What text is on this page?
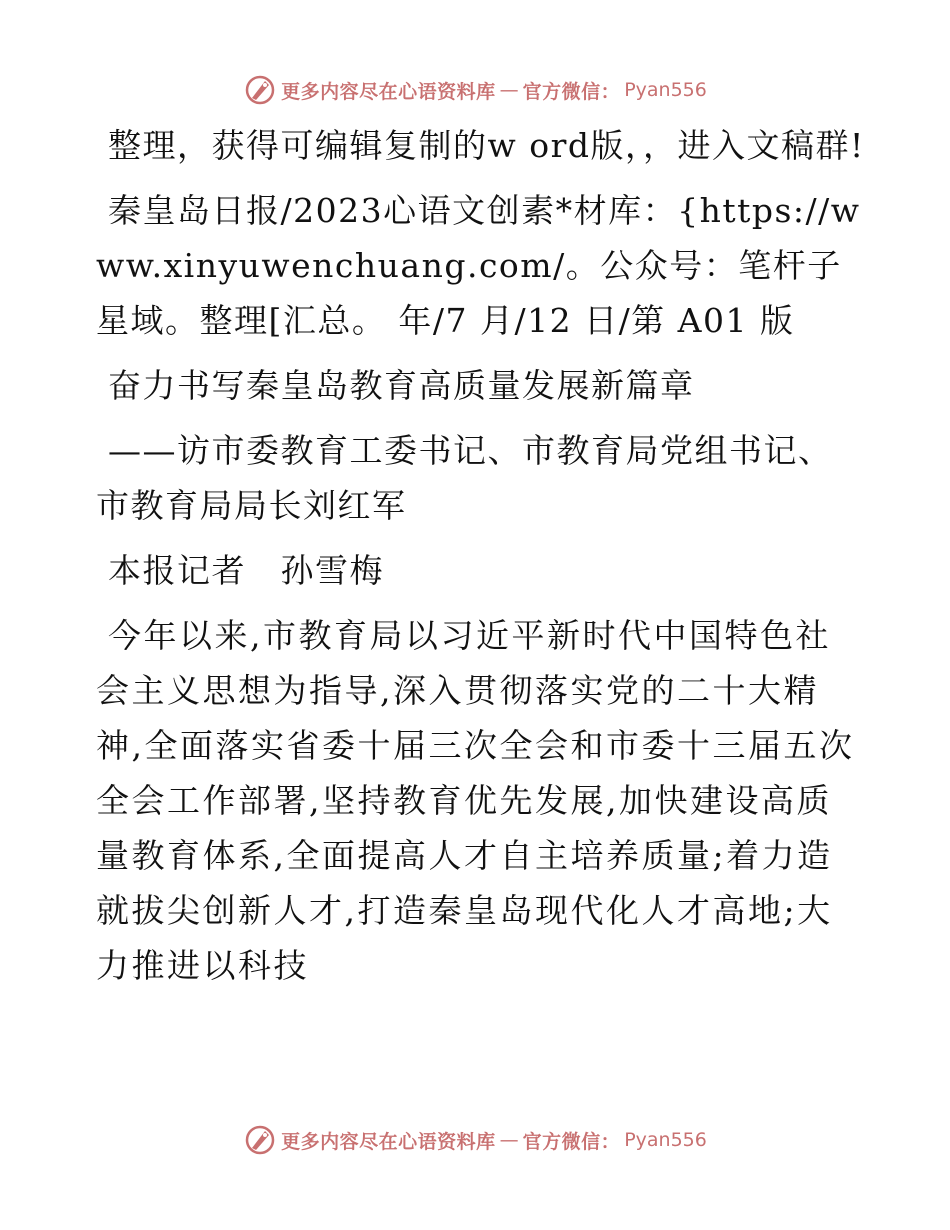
更多内容尽在心语资料库 — 官方微信： Pyan556

整理，获得可编辑复制的w ord版，，进入文稿群!

秦皇岛日报/2023心语文创素*材库：{https://www.xinyuwenchuang.com/。公众号：笔杆子星域。整理[汇总。 年/7 月/12 日/第 A01 版

奋力书写秦皇岛教育高质量发展新篇章

——访市委教育工委书记、市教育局党组书记、市教育局局长刘红军

本报记者　孙雪梅

今年以来,市教育局以习近平新时代中国特色社会主义思想为指导,深入贯彻落实党的二十大精神,全面落实省委十届三次全会和市委十三届五次全会工作部署,坚持教育优先发展,加快建设高质量教育体系,全面提高人才自主培养质量;着力造就拔尖创新人才,打造秦皇岛现代化人才高地;大力推进以科技

更多内容尽在心语资料库 — 官方微信： Pyan556
